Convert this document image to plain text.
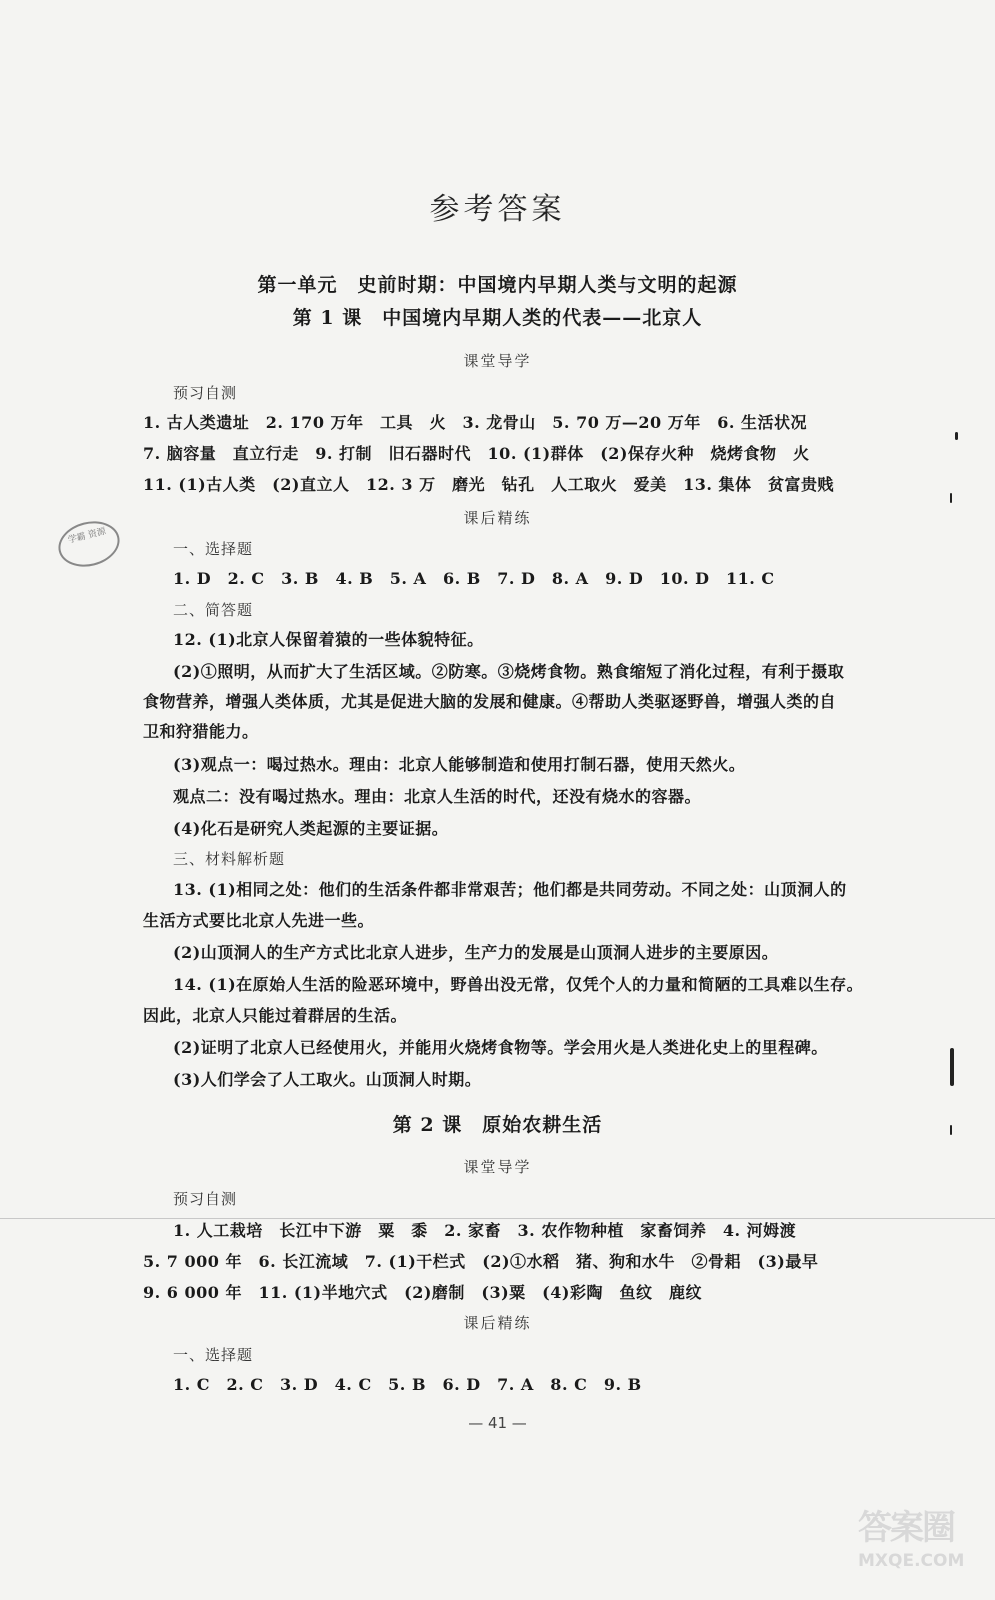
参考答案
第一单元　史前时期：中国境内早期人类与文明的起源
第 1 课　中国境内早期人类的代表——北京人
课堂导学
预习自测
1. 古人类遗址　2. 170 万年　工具　火　3. 龙骨山　5. 70 万—20 万年　6. 生活状况
7. 脑容量　直立行走　9. 打制　旧石器时代　10. (1)群体　(2)保存火种　烧烤食物　火
11. (1)古人类　(2)直立人　12. 3 万　磨光　钻孔　人工取火　爱美　13. 集体　贫富贵贱
课后精练
学霸 资源
一、选择题
1. D　2. C　3. B　4. B　5. A　6. B　7. D　8. A　9. D　10. D　11. C
二、简答题
12. (1)北京人保留着猿的一些体貌特征。
(2)①照明，从而扩大了生活区域。②防寒。③烧烤食物。熟食缩短了消化过程，有利于摄取
食物营养，增强人类体质，尤其是促进大脑的发展和健康。④帮助人类驱逐野兽，增强人类的自
卫和狩猎能力。
(3)观点一：喝过热水。理由：北京人能够制造和使用打制石器，使用天然火。
观点二：没有喝过热水。理由：北京人生活的时代，还没有烧水的容器。
(4)化石是研究人类起源的主要证据。
三、材料解析题
13. (1)相同之处：他们的生活条件都非常艰苦；他们都是共同劳动。不同之处：山顶洞人的
生活方式要比北京人先进一些。
(2)山顶洞人的生产方式比北京人进步，生产力的发展是山顶洞人进步的主要原因。
14. (1)在原始人生活的险恶环境中，野兽出没无常，仅凭个人的力量和简陋的工具难以生存。
因此，北京人只能过着群居的生活。
(2)证明了北京人已经使用火，并能用火烧烤食物等。学会用火是人类进化史上的里程碑。
(3)人们学会了人工取火。山顶洞人时期。
第 2 课　原始农耕生活
课堂导学
预习自测
1. 人工栽培　长江中下游　粟　黍　2. 家畜　3. 农作物种植　家畜饲养　4. 河姆渡
5. 7 000 年　6. 长江流域　7. (1)干栏式　(2)①水稻　猪、狗和水牛　②骨耜　(3)最早
9. 6 000 年　11. (1)半地穴式　(2)磨制　(3)粟　(4)彩陶　鱼纹　鹿纹
课后精练
一、选择题
1. C　2. C　3. D　4. C　5. B　6. D　7. A　8. C　9. B
— 41 —
答案圈
MXQE.COM
